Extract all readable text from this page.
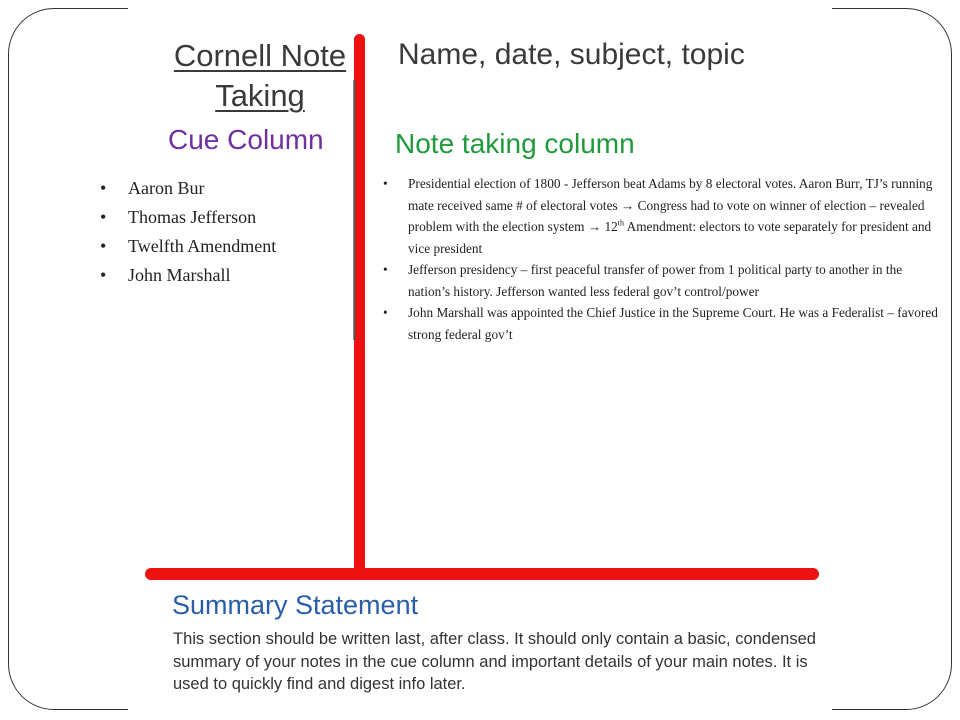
Cornell Note
Taking
Name, date, subject, topic
Cue Column	Note taking column
• Aaron Bur
• Thomas Jefferson
• Twelfth Amendment
• John Marshall
• Presidential election of 1800 - Jefferson beat Adams by 8 electoral votes. Aaron Burr, TJ’s running mate received same # of electoral votes → Congress had to vote on winner of election – revealed problem with the election system → 12th Amendment: electors to vote separately for president and vice president
• Jefferson presidency – first peaceful transfer of power from 1 political party to another in the nation’s history. Jefferson wanted less federal gov’t control/power
• John Marshall was appointed the Chief Justice in the Supreme Court. He was a Federalist – favored strong federal gov’t
Summary Statement
This section should be written last, after class. It should only contain a basic, condensed summary of your notes in the cue column and important details of your main notes. It is used to quickly find and digest info later.
